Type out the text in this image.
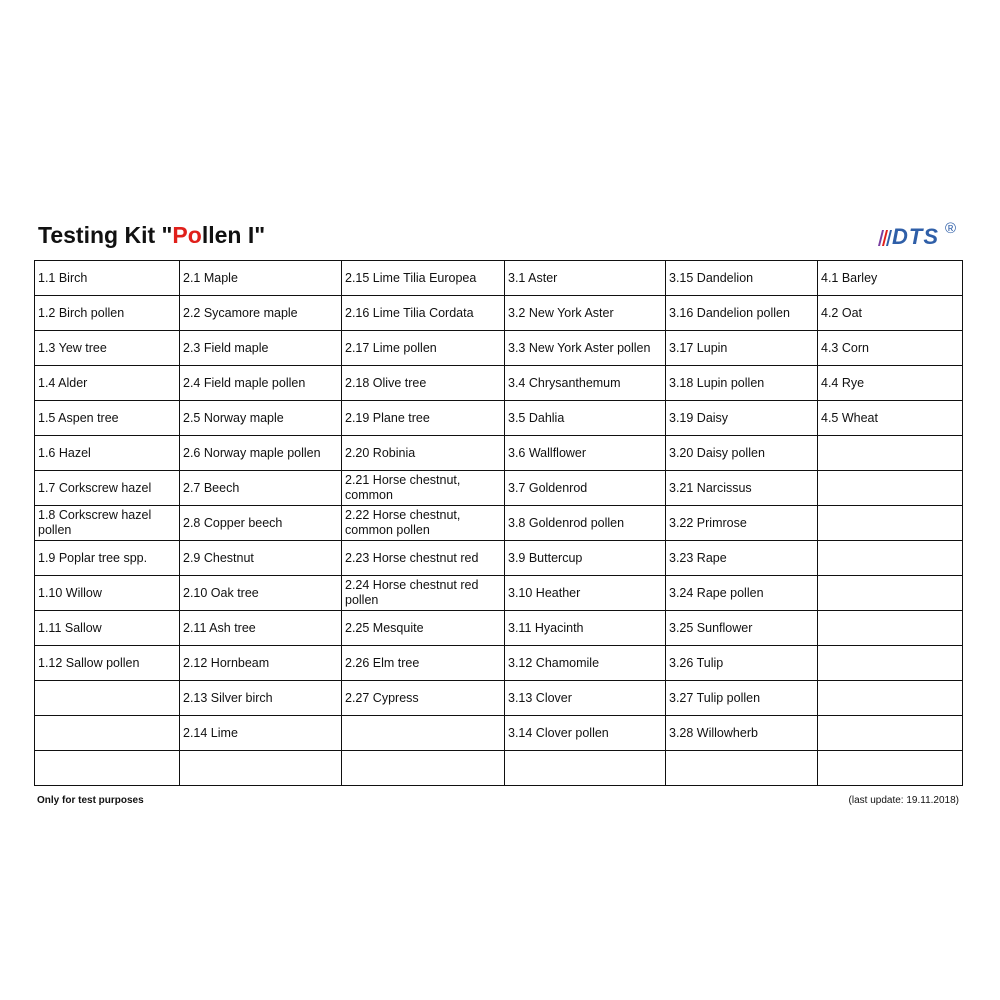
Testing Kit "Pollen I"	DTS ®
1.1 Birch	2.1 Maple	2.15 Lime Tilia Europea	3.1 Aster	3.15 Dandelion	4.1 Barley
1.2 Birch pollen	2.2 Sycamore maple	2.16 Lime Tilia Cordata	3.2 New York Aster	3.16 Dandelion pollen	4.2 Oat
1.3 Yew tree	2.3 Field maple	2.17 Lime pollen	3.3 New York Aster pollen	3.17 Lupin	4.3 Corn
1.4 Alder	2.4 Field maple pollen	2.18 Olive tree	3.4 Chrysanthemum	3.18 Lupin pollen	4.4 Rye
1.5 Aspen tree	2.5 Norway maple	2.19 Plane tree	3.5 Dahlia	3.19 Daisy	4.5 Wheat
1.6 Hazel	2.6 Norway maple pollen	2.20 Robinia	3.6 Wallflower	3.20 Daisy pollen	
1.7 Corkscrew hazel	2.7 Beech	2.21 Horse chestnut, common	3.7 Goldenrod	3.21 Narcissus	
1.8 Corkscrew hazel pollen	2.8 Copper beech	2.22 Horse chestnut, common pollen	3.8 Goldenrod pollen	3.22 Primrose	
1.9 Poplar tree spp.	2.9 Chestnut	2.23 Horse chestnut red	3.9 Buttercup	3.23 Rape	
1.10 Willow	2.10 Oak tree	2.24 Horse chestnut red pollen	3.10 Heather	3.24 Rape pollen	
1.11 Sallow	2.11 Ash tree	2.25 Mesquite	3.11 Hyacinth	3.25 Sunflower	
1.12 Sallow pollen	2.12 Hornbeam	2.26 Elm tree	3.12 Chamomile	3.26 Tulip	
	2.13 Silver birch	2.27 Cypress	3.13 Clover	3.27 Tulip pollen	
	2.14 Lime		3.14 Clover pollen	3.28 Willowherb	

Only for test purposes	(last update: 19.11.2018)
